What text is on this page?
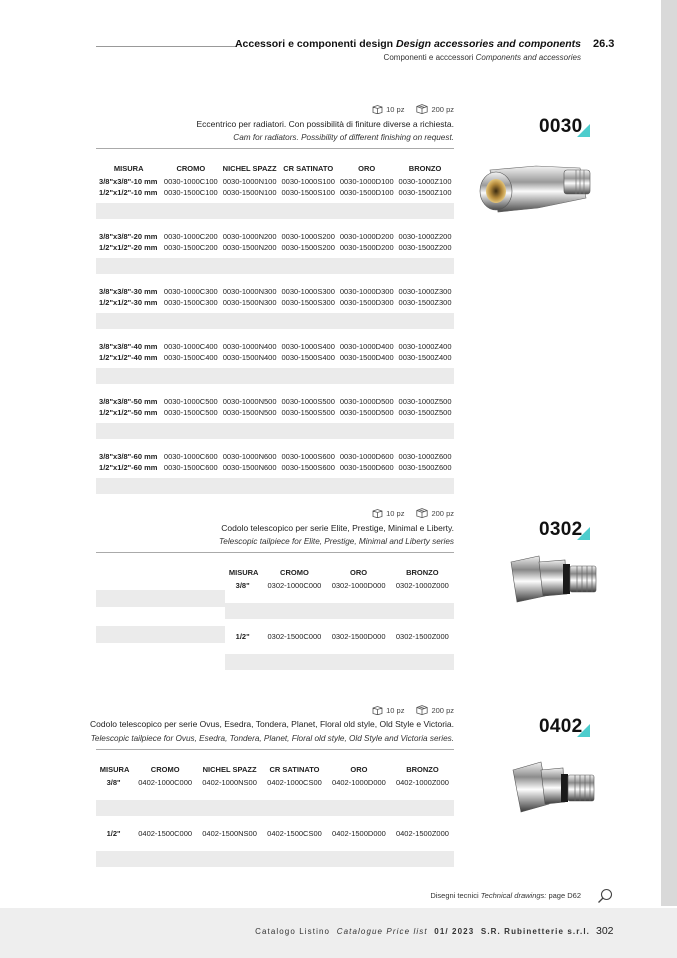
Accessori e componenti design Design accessories and components 26.3
Componenti e acccessori Components and accessories
10 pz	200 pz
Eccentrico per radiatori. Con possibilità di finiture diverse a richiesta.
Cam for radiators. Possibility of different finishing on request.
0030
MISURA	CROMO	NICHEL SPAZZ	CR SATINATO	ORO	BRONZO
3/8"x3/8"-10 mm	0030-1000C100	0030-1000N100	0030-1000S100	0030-1000D100	0030-1000Z100
1/2"x1/2"-10 mm	0030-1500C100	0030-1500N100	0030-1500S100	0030-1500D100	0030-1500Z100

3/8"x3/8"-20 mm	0030-1000C200	0030-1000N200	0030-1000S200	0030-1000D200	0030-1000Z200
1/2"x1/2"-20 mm	0030-1500C200	0030-1500N200	0030-1500S200	0030-1500D200	0030-1500Z200

3/8"x3/8"-30 mm	0030-1000C300	0030-1000N300	0030-1000S300	0030-1000D300	0030-1000Z300
1/2"x1/2"-30 mm	0030-1500C300	0030-1500N300	0030-1500S300	0030-1500D300	0030-1500Z300

3/8"x3/8"-40 mm	0030-1000C400	0030-1000N400	0030-1000S400	0030-1000D400	0030-1000Z400
1/2"x1/2"-40 mm	0030-1500C400	0030-1500N400	0030-1500S400	0030-1500D400	0030-1500Z400

3/8"x3/8"-50 mm	0030-1000C500	0030-1000N500	0030-1000S500	0030-1000D500	0030-1000Z500
1/2"x1/2"-50 mm	0030-1500C500	0030-1500N500	0030-1500S500	0030-1500D500	0030-1500Z500

3/8"x3/8"-60 mm	0030-1000C600	0030-1000N600	0030-1000S600	0030-1000D600	0030-1000Z600
1/2"x1/2"-60 mm	0030-1500C600	0030-1500N600	0030-1500S600	0030-1500D600	0030-1500Z600

10 pz	200 pz
Codolo telescopico per serie Elite, Prestige, Minimal e Liberty.
Telescopic tailpiece for Elite, Prestige, Minimal and Liberty series
0302
MISURA	CROMO	ORO	BRONZO
3/8"	0302-1000C000	0302-1000D000	0302-1000Z000

1/2"	0302-1500C000	0302-1500D000	0302-1500Z000

10 pz	200 pz
Codolo telescopico per serie Ovus, Esedra, Tondera, Planet, Floral old style, Old Style e Victoria.
Telescopic tailpiece for Ovus, Esedra, Tondera, Planet, Floral old style, Old Style and Victoria series.
0402
MISURA	CROMO	NICHEL SPAZZ	CR SATINATO	ORO	BRONZO
3/8"	0402-1000C000	0402-1000NS00	0402-1000CS00	0402-1000D000	0402-1000Z000

1/2"	0402-1500C000	0402-1500NS00	0402-1500CS00	0402-1500D000	0402-1500Z000

Disegni tecnici Technical drawings: page D62
Catalogo Listino Catalogue Price list 01/ 2023 S.R. Rubinetterie s.r.l. 302
